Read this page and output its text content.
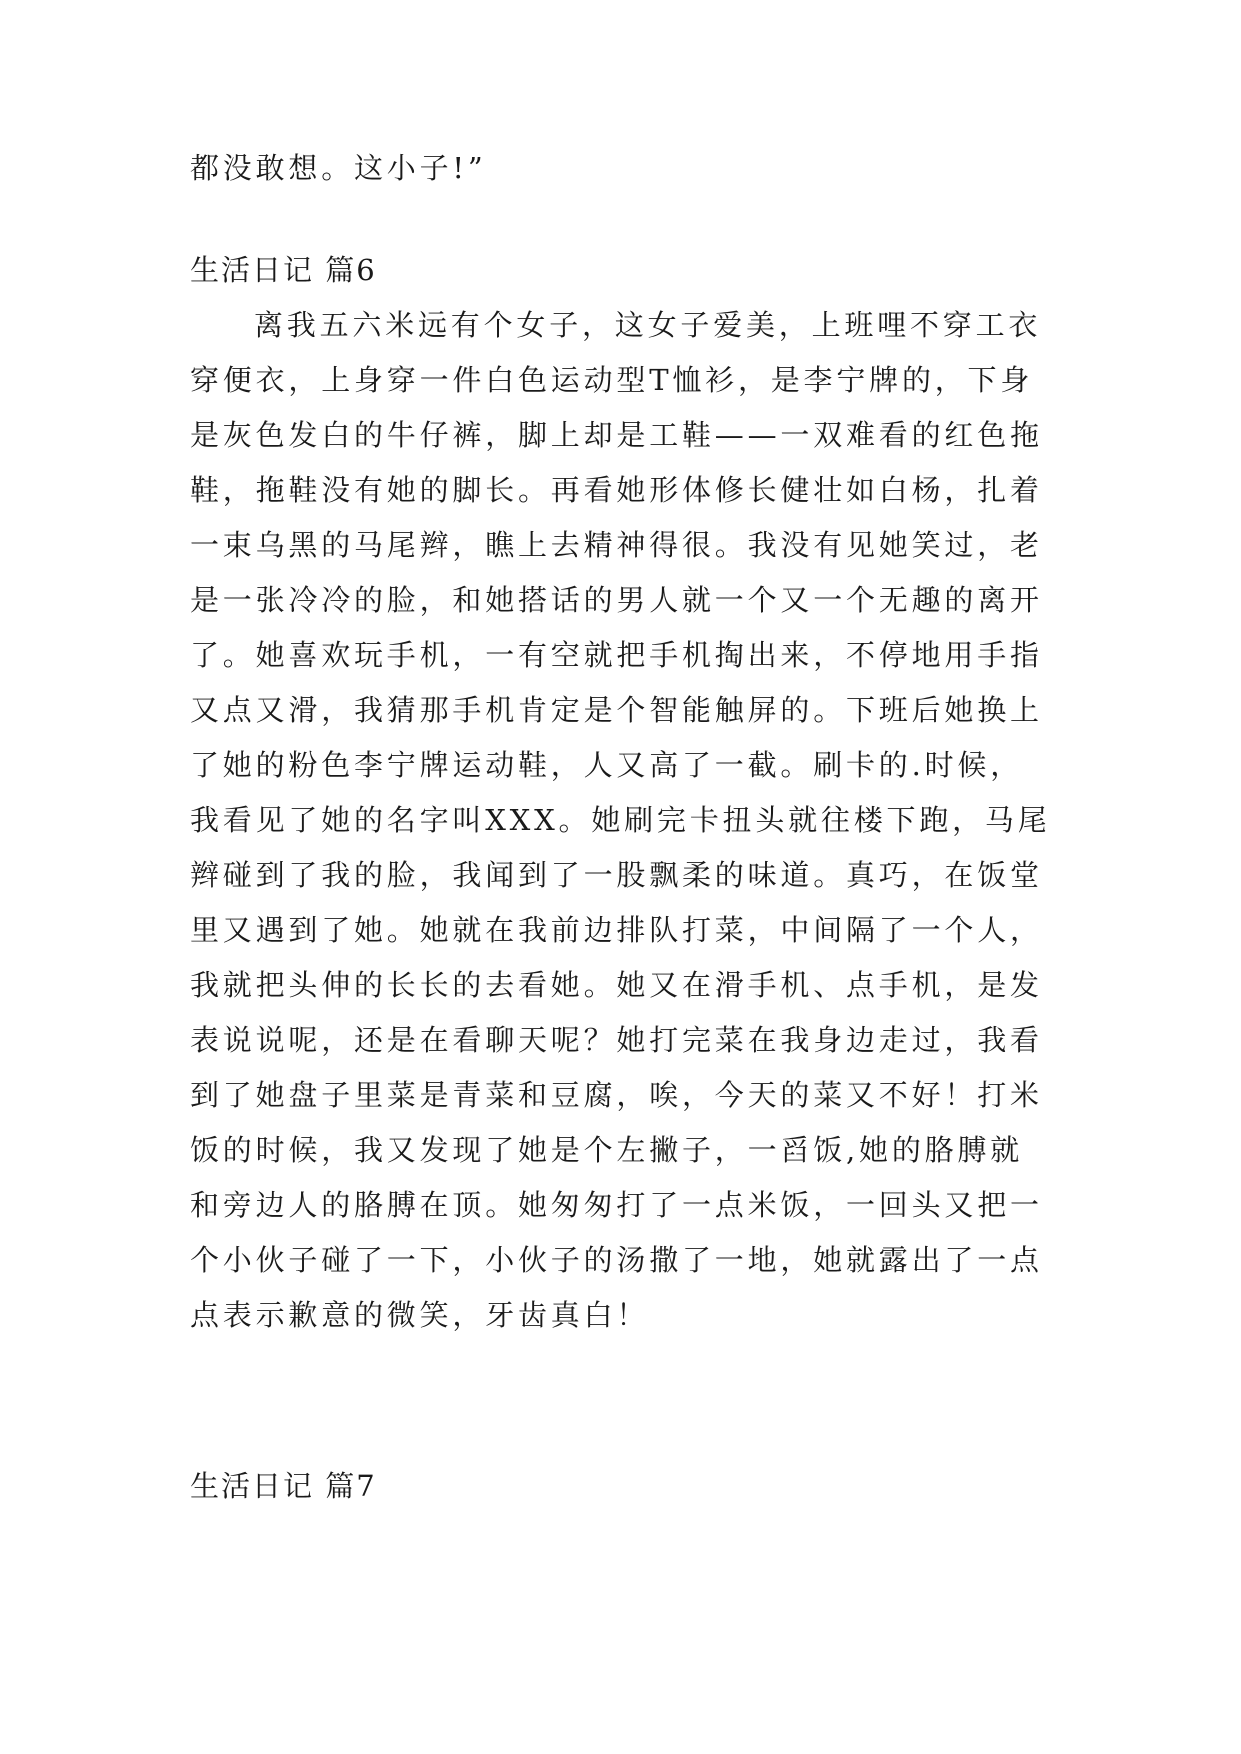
都没敢想。这小子!”
生活日记 篇6
离我五六米远有个女子，这女子爱美，上班哩不穿工衣
穿便衣，上身穿一件白色运动型T恤衫，是李宁牌的，下身
是灰色发白的牛仔裤，脚上却是工鞋——一双难看的红色拖
鞋，拖鞋没有她的脚长。再看她形体修长健壮如白杨，扎着
一束乌黑的马尾辫，瞧上去精神得很。我没有见她笑过，老
是一张冷冷的脸，和她搭话的男人就一个又一个无趣的离开
了。她喜欢玩手机，一有空就把手机掏出来，不停地用手指
又点又滑，我猜那手机肯定是个智能触屏的。下班后她换上
了她的粉色李宁牌运动鞋，人又高了一截。刷卡的.时候，
我看见了她的名字叫XXX。她刷完卡扭头就往楼下跑，马尾
辫碰到了我的脸，我闻到了一股飘柔的味道。真巧，在饭堂
里又遇到了她。她就在我前边排队打菜，中间隔了一个人，
我就把头伸的长长的去看她。她又在滑手机、点手机，是发
表说说呢，还是在看聊天呢？她打完菜在我身边走过，我看
到了她盘子里菜是青菜和豆腐，唉，今天的菜又不好！打米
饭的时候，我又发现了她是个左撇子，一舀饭,她的胳膊就
和旁边人的胳膊在顶。她匆匆打了一点米饭，一回头又把一
个小伙子碰了一下，小伙子的汤撒了一地，她就露出了一点
点表示歉意的微笑，牙齿真白！
生活日记 篇7
